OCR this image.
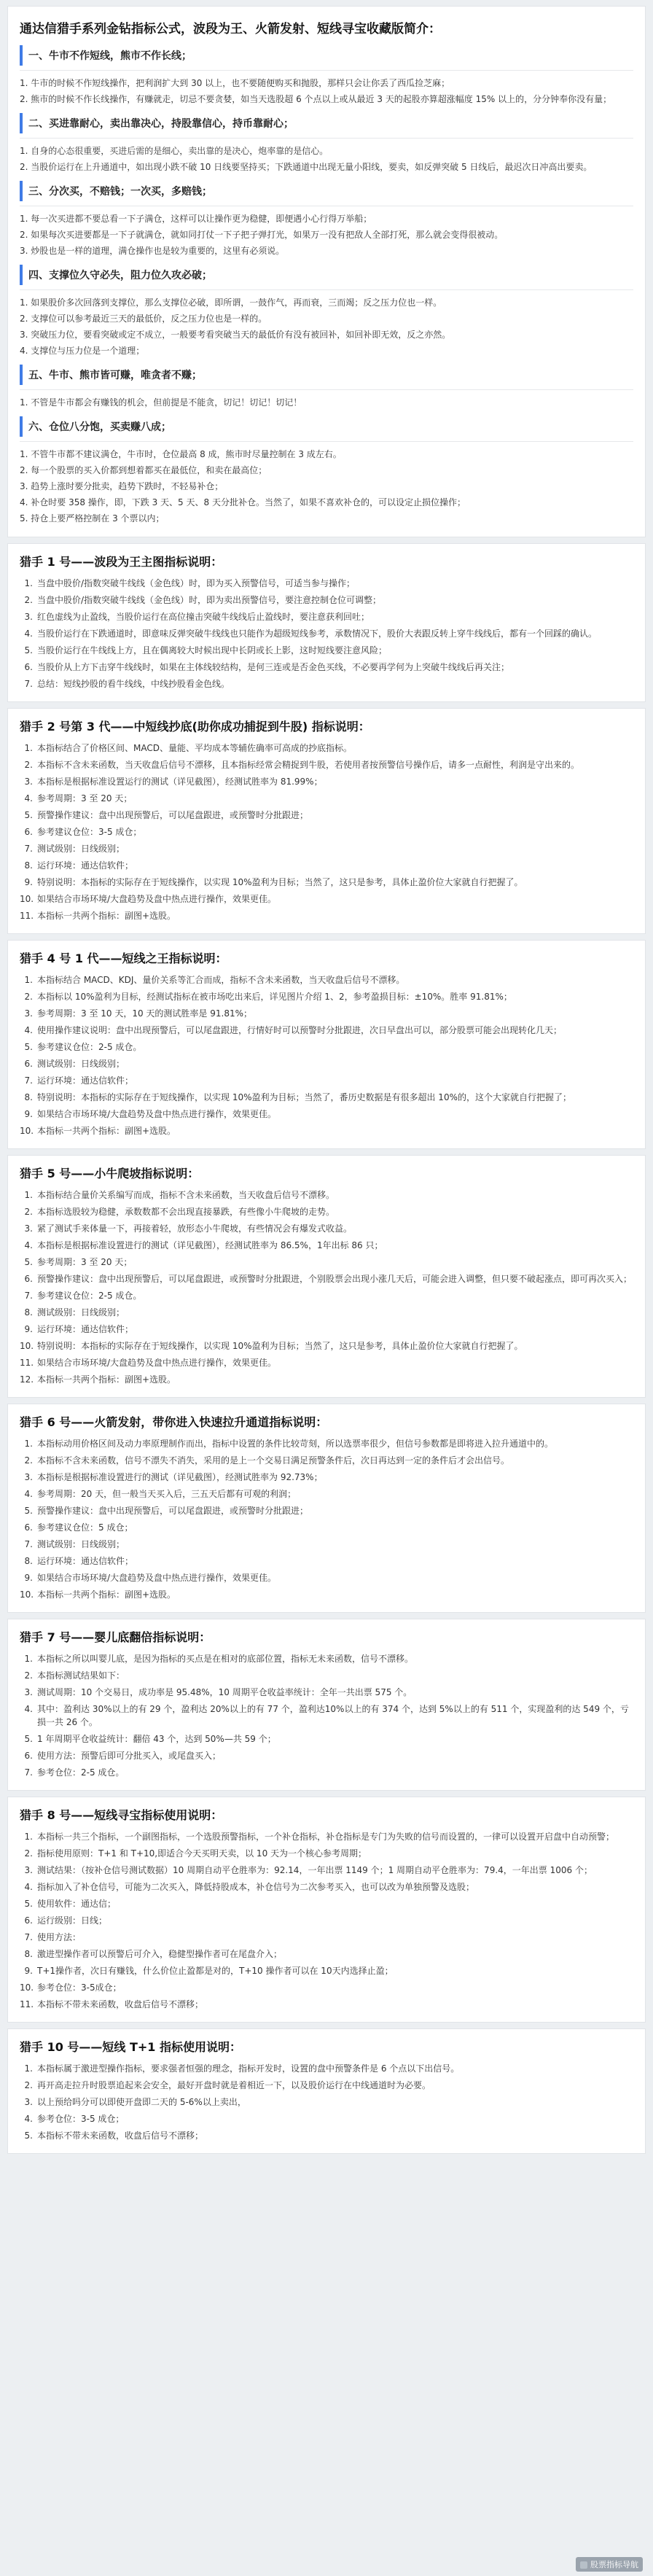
通达信猎手系列金钻指标公式，波段为王、火箭发射、短线寻宝收藏版简介：
一、牛市不作短线，熊市不作长线；
1. 牛市的时候不作短线操作，把利润扩大到 30 以上，也不要随便购买和抛股，那样只会让你丢了西瓜捡芝麻；
2. 熊市的时候不作长线操作，有赚就走，切忌不要贪婪，如当天选股超 6 个点以上或从最近 3 天的起股亦算超涨幅度 15% 以上的，分分钟奉你没有量；
二、买进靠耐心，卖出靠决心，持股靠信心，持币靠耐心；
1. 自身的心态很重要，买进后需的是细心，卖出靠的是决心，炮率靠的是信心。
2. 当股价运行在上升通道中，如出现小跌不破 10 日线要坚持买；下跌通道中出现无量小阳线，要卖，如反弹突破 5 日线后，最迟次日冲高出要卖。
三、分次买，不赔钱；一次买，多赔钱；
1. 每一次买进都不要总看一下子满仓，这样可以让操作更为稳健，即便遇小心行得万举船；
2. 如果每次买进要都是一下子就满仓，就如同打仗一下子把子弹打光，如果万一没有把敌人全部打死，那么就会变得很被动。
3. 炒股也是一样的道理，满仓操作也是较为重要的，这里有必须说。
四、支撑位久守必失，阻力位久攻必破；
1. 如果股价多次回落到支撑位，那么支撑位必破，即所谓，一鼓作气，再而衰，三而竭；反之压力位也一样。
2. 支撑位可以参考最近三天的最低价，反之压力位也是一样的。
3. 突破压力位，要看突破或定不成立，一般要考看突破当天的最低价有没有被回补，如回补即无效，反之亦然。
4. 支撑位与压力位是一个道理；
五、牛市、熊市皆可赚，唯贪者不赚；
1. 不管是牛市都会有赚钱的机会，但前提是不能贪，切记！切记！切记！
六、仓位八分饱，买卖赚八成；
1. 不管牛市都不建议满仓，牛市时，仓位最高 8 成，熊市时尽量控制在 3 成左右。
2. 每一个股票的买入价都到想着都买在最低位，和卖在最高位；
3. 趋势上涨时要分批卖，趋势下跌时，不轻易补仓；
4. 补仓时要 358 操作，即，下跌 3 天、5 天、8 天分批补仓。当然了，如果不喜欢补仓的，可以设定止损位操作；
5. 持仓上要严格控制在 3 个票以内；
猎手 1 号——波段为王主图指标说明：
1. 当盘中股价/指数突破牛线线（金色线）时，即为买入预警信号，可适当参与操作；
2. 当盘中股价/指数突破牛线线（金色线）时，即为卖出预警信号，要注意控制仓位可调整；
3. 红色虚线为止盈线，当股价运行在高位撞击突破牛线线后止盈线时，要注意获利回吐；
4. 当股价运行在下跌通道时，即意味反弹突破牛线线也只能作为超级短线参考，承数情况下，股价大表跟反转上穿牛线线后，都有一个回踩的确认。
5. 当股价运行在牛线线上方，且在偶离较大时候出现中长阴或长上影，这时短线要注意风险；
6. 当股价从上方下击穿牛线线时，如果在主体线较结构，是何三连或是否金色买线，不必要再学何为上突破牛线线后再关注；
7. 总结：短线抄股的看牛线线，中线抄股看金色线。
猎手 2 号第 3 代——中短线抄底(助你成功捕捉到牛股) 指标说明：
1. 本指标结合了价格区间、MACD、量能、平均成本等辅佐确率可高成的抄底指标。
2. 本指标不含未来函数，当天收盘后信号不漂移，且本指标经常会精捉到牛股，若使用者按预警信号操作后，请多一点耐性，利润是守出来的。
3. 本指标是根据标准设置运行的测试（详见截图），经测试胜率为 81.99%；
4. 参考周期：3 至 20 天；
5. 预警操作建议：盘中出现预警后，可以尾盘跟进，或预警时分批跟进；
6. 参考建议仓位：3-5 成仓；
7. 测试级别：日线级别；
8. 运行环境：通达信软件；
9. 特别说明：本指标的实际存在于短线操作，以实现 10%盈利为目标；当然了，这只是参考，具体止盈价位大家就自行把握了。
10. 如果结合市场环境/大盘趋势及盘中热点进行操作，效果更佳。
11. 本指标一共两个指标：副图+选股。
猎手 4 号 1 代——短线之王指标说明：
1. 本指标结合 MACD、KDJ、量价关系等汇合而成，指标不含未来函数，当天收盘后信号不漂移。
2. 本指标以 10%盈利为目标，经测试指标在被市场吃出来后，详见图片介绍 1、2，参考盈损目标：±10%。胜率 91.81%；
3. 参考周期：3 至 10 天，10 天的测试胜率是 91.81%；
4. 使用操作建议说明：盘中出现预警后，可以尾盘跟进，行情好时可以预警时分批跟进，次日早盘出可以，部分股票可能会出现转化几天；
5. 参考建议仓位：2-5 成仓。
6. 测试级别：日线级别；
7. 运行环境：通达信软件；
8. 特别说明：本指标的实际存在于短线操作，以实现 10%盈利为目标；当然了，番历史数据是有很多超出 10%的，这个大家就自行把握了；
9. 如果结合市场环境/大盘趋势及盘中热点进行操作，效果更佳。
10. 本指标一共两个指标：副图+选股。
猎手 5 号——小牛爬坡指标说明：
1. 本指标结合量价关系编写而成，指标不含未来函数，当天收盘后信号不漂移。
2. 本指标选股较为稳健，承数数都不会出现直接暴跌，有些像小牛爬坡的走势。
3. 紧了测试手来体量一下，再接着轻，放形态小牛爬坡，有些情况会有爆发式收益。
4. 本指标是根据标准设置进行的测试（详见截图），经测试胜率为 86.5%，1年出标 86 只；
5. 参考周期：3 至 20 天；
6. 预警操作建议：盘中出现预警后，可以尾盘跟进，或预警时分批跟进，个别股票会出现小涨几天后，可能会进入调整，但只要不破起涨点，即可再次买入；
7. 参考建议仓位：2-5 成仓。
8. 测试级别：日线级别；
9. 运行环境：通达信软件；
10. 特别说明：本指标的实际存在于短线操作，以实现 10%盈利为目标；当然了，这只是参考，具体止盈价位大家就自行把握了。
11. 如果结合市场环境/大盘趋势及盘中热点进行操作，效果更佳。
12. 本指标一共两个指标：副图+选股。
猎手 6 号——火箭发射，带你进入快速拉升通道指标说明：
1. 本指标动用价格区间及动力率原理制作而出，指标中设置的条件比较苛刻，所以选票率很少，但信号参数都是即将进入拉升通道中的。
2. 本指标不含未来函数，信号不漂失不消失，采用的是上一个交易日满足预警条件后，次日再达到一定的条件后才会出信号。
3. 本指标是根据标准设置进行的测试（详见截图），经测试胜率为 92.73%；
4. 参考周期：20 天，但一般当天买入后，三五天后都有可观的利润；
5. 预警操作建议：盘中出现预警后，可以尾盘跟进，或预警时分批跟进；
6. 参考建议仓位：5 成仓；
7. 测试级别：日线级别；
8. 运行环境：通达信软件；
9. 如果结合市场环境/大盘趋势及盘中热点进行操作，效果更佳。
10. 本指标一共两个指标：副图+选股。
猎手 7 号——婴儿底翻倍指标说明：
1. 本指标之所以叫婴儿底，是因为指标的买点是在相对的底部位置，指标无未来函数，信号不漂移。
2. 本指标测试结果如下：
3. 测试周期：10 个交易日，成功率是 95.48%，10 周期平仓收益率统计：全年一共出票 575 个。
4. 其中：盈利达 30%以上的有 29 个，盈利达 20%以上的有 77 个，盈利达10%以上的有 374 个，达到 5%以上的有 511 个，实现盈利的达 549 个，亏损一共 26 个。
5. 1 年周期平仓收益统计：翻倍 43 个，达到 50%—共 59 个；
6. 使用方法：预警后即可分批买入，或尾盘买入；
7. 参考仓位：2-5 成仓。
猎手 8 号——短线寻宝指标使用说明：
1. 本指标一共三个指标，一个副图指标，一个选股预警指标，一个补仓指标，补仓指标是专门为失败的信号而设置的，一律可以设置开启盘中自动预警；
2. 指标使用原则：T+1 和 T+10,即适合今天买明天卖，以 10 天为一个核心参考周期；
3. 测试结果：（按补仓信号测试数据）10 周期自动平仓胜率为：92.14，一年出票 1149 个；1 周期自动平仓胜率为：79.4，一年出票 1006 个；
4. 指标加入了补仓信号，可能为二次买入，降低持股成本，补仓信号为二次参考买入，也可以改为单独预警及选股；
5. 使用软件：通达信；
6. 运行级别：日线；
7. 使用方法：
8. 激进型操作者可以预警后可介入，稳健型操作者可在尾盘介入；
9. T+1操作者，次日有赚钱，什么价位止盈都是对的，T+10 操作者可以在 10天内选择止盈；
10. 参考仓位：3-5成仓；
11. 本指标不带未来函数，收盘后信号不漂移；
猎手 10 号——短线 T+1 指标使用说明：
1. 本指标属于激进型操作指标，要求强者恒强的理念，指标开发时，设置的盘中预警条件是 6 个点以下出信号。
2. 再开高走拉升时股票追起来会安全，最好开盘时就是着相近一下，以及股价运行在中线通道时为必要。
3. 以上预给吗分可以即使开盘即二天的 5-6%以上卖出，
4. 参考仓位：3-5 成仓；
5. 本指标不带未来函数，收盘后信号不漂移；
股票指标导航
